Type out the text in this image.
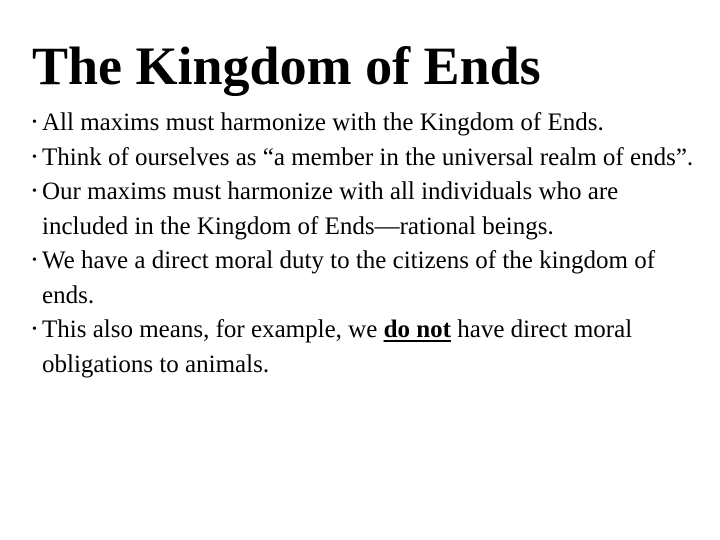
The Kingdom of Ends
• All maxims must harmonize with the Kingdom of Ends.
• Think of ourselves as “a member in the universal realm of ends”.
• Our maxims must harmonize with all individuals who are included in the Kingdom of Ends—rational beings.
• We have a direct moral duty to the citizens of the kingdom of ends.
• This also means, for example, we do not have direct moral obligations to animals.
